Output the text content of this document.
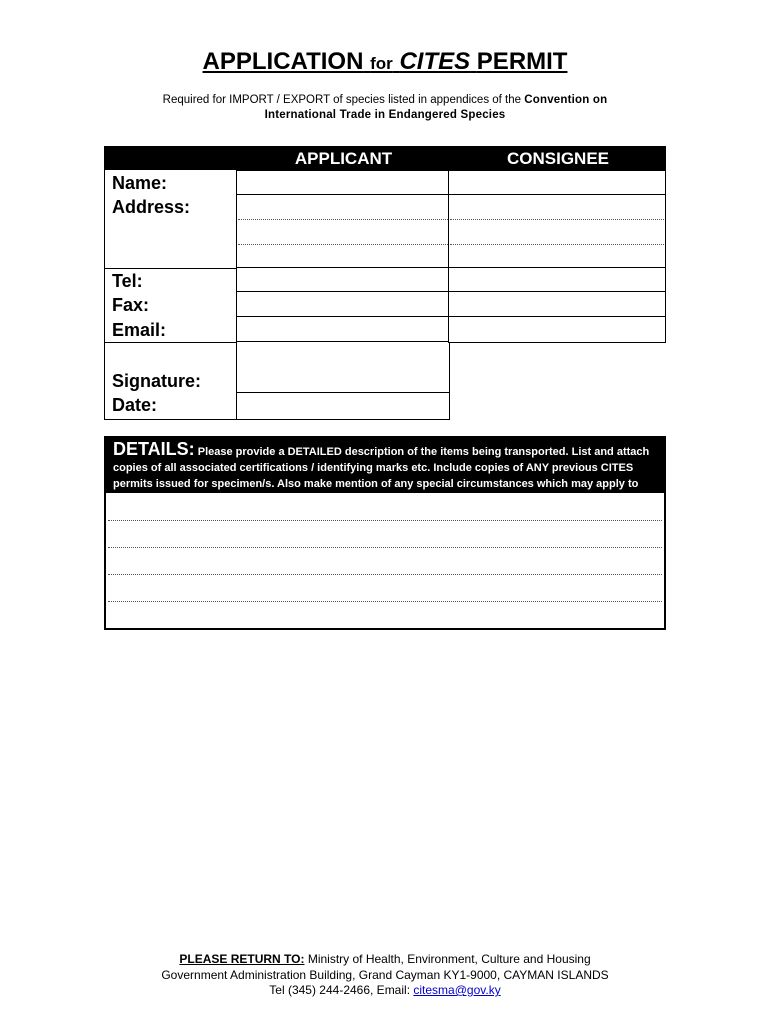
APPLICATION for CITES PERMIT
Required for IMPORT / EXPORT of species listed in appendices of the Convention on
International Trade in Endangered Species
APPLICANT	CONSIGNEE
Name:
Address:
Tel:
Fax:
Email:
Signature:
Date:
DETAILS: Please provide a DETAILED description of the items being transported. List and attach copies of all associated certifications / identifying marks etc. Include copies of ANY previous CITES permits issued for specimen/s. Also make mention of any special circumstances which may apply to this application.
PLEASE RETURN TO: Ministry of Health, Environment, Culture and Housing
Government Administration Building, Grand Cayman KY1-9000, CAYMAN ISLANDS
Tel (345) 244-2466, Email: citesma@gov.ky
